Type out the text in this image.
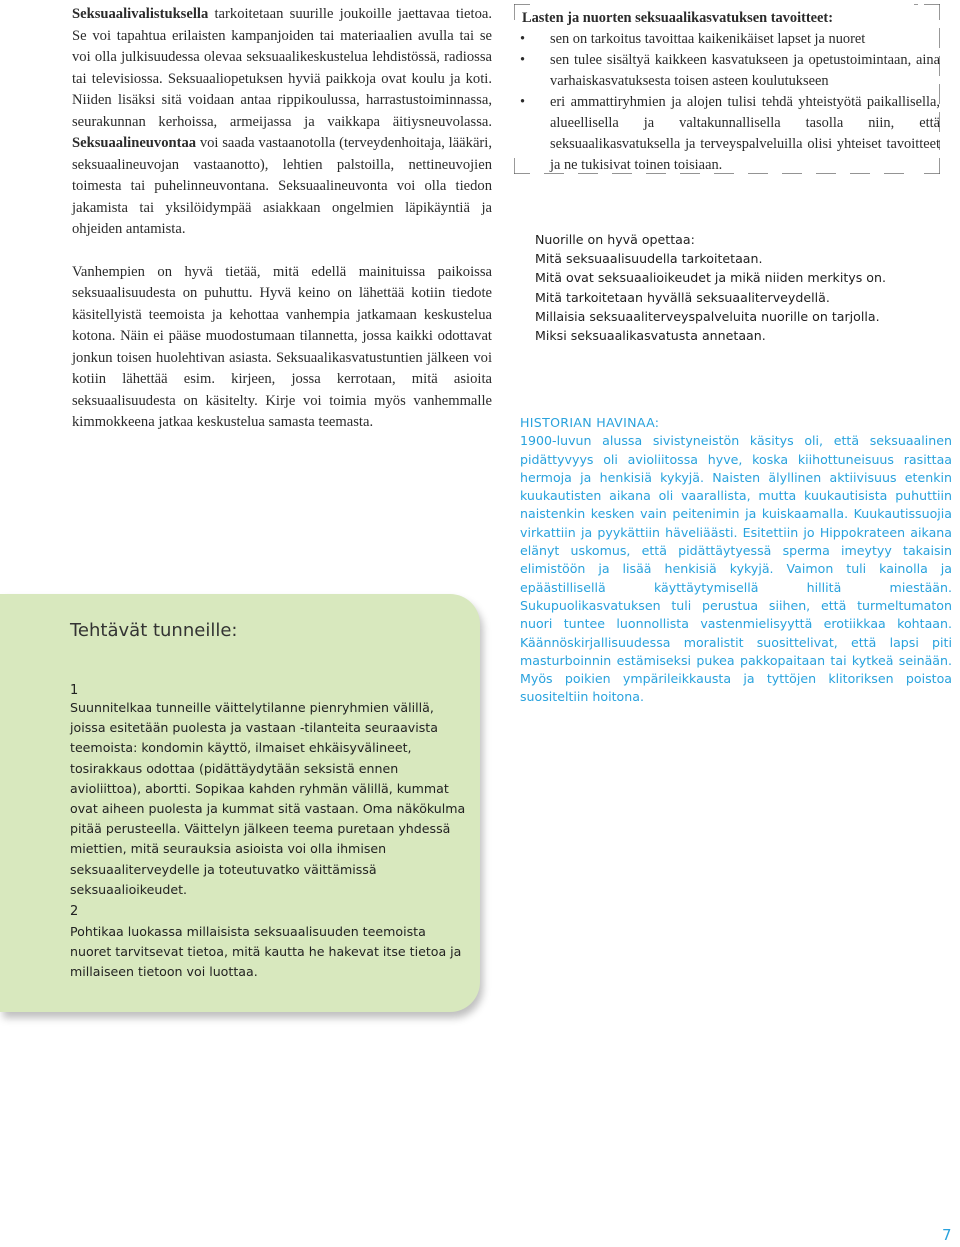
Seksuaalivalistuksella tarkoitetaan suurille joukoille jaettavaa tietoa. Se voi tapahtua erilaisten kampanjoiden tai materiaalien avulla tai se voi olla julkisuudessa olevaa seksuaalikeskustelua lehdistössä, radiossa tai televisiossa. Seksuaaliopetuksen hyviä paikkoja ovat koulu ja koti. Niiden lisäksi sitä voidaan antaa rippikoulussa, harrastustoiminnassa, seurakunnan kerhoissa, armeijassa ja vaikkapa äitiysneuvolassa. Seksuaalineuvontaa voi saada vastaanotolla (terveydenhoitaja, lääkäri, seksuaalineuvojan vastaanotto), lehtien palstoilla, nettineuvojien toimesta tai puhelinneuvontana. Seksuaalineuvonta voi olla tiedon jakamista tai yksilöidympää asiakkaan ongelmien läpikäyntiä ja ohjeiden antamista.

Vanhempien on hyvä tietää, mitä edellä mainituissa paikoissa seksuaalisuudesta on puhuttu. Hyvä keino on lähettää kotiin tiedote käsitellyistä teemoista ja kehottaa vanhempia jatkamaan keskustelua kotona. Näin ei pääse muodostumaan tilannetta, jossa kaikki odottavat jonkun toisen huolehtivan asiasta. Seksuaalikasvatustuntien jälkeen voi kotiin lähettää esim. kirjeen, jossa kerrotaan, mitä asioita seksuaalisuudesta on käsitelty. Kirje voi toimia myös vanhemmalle kimmokkeena jatkaa keskustelua samasta teemasta.

Lasten ja nuorten seksuaalikasvatuksen tavoitteet:

• sen on tarkoitus tavoittaa kaikenikäiset lapset ja nuoret
• sen tulee sisältyä kaikkeen kasvatukseen ja opetustoimintaan, aina varhaiskasvatuksesta toisen asteen koulutukseen
• eri ammattiryhmien ja alojen tulisi tehdä yhteistyötä paikallisella, alueellisella ja valtakunnallisella tasolla niin, että seksuaalikasvatuksella ja terveyspalveluilla olisi yhteiset tavoitteet ja ne tukisivat toinen toisiaan.
Nuorille on hyvä opettaa:
Mitä seksuaalisuudella tarkoitetaan.
Mitä ovat seksuaalioikeudet ja mikä niiden merkitys on.
Mitä tarkoitetaan hyvällä seksuaaliterveydellä.
Millaisia seksuaaliterveyspalveluita nuorille on tarjolla.
Miksi seksuaalikasvatusta annetaan.

HISTORIAN HAVINAA:

1900-luvun alussa sivistyneistön käsitys oli, että seksuaalinen pidättyvyys oli avioliitossa hyve, koska kiihottuneisuus rasittaa hermoja ja henkisiä kykyjä. Naisten älyllinen aktiivisuus etenkin kuukautisten aikana oli vaarallista, mutta kuukautisista puhuttiin naistenkin kesken vain peitenimin ja kuiskaamalla. Kuukautissuojia virkattiin ja pyykättiin häveliäästi. Esitettiin jo Hippokrateen aikana elänyt uskomus, että pidättäytyessä sperma imeytyy takaisin elimistöön ja lisää henkisiä kykyjä. Vaimon tuli kainolla ja epäästillisellä käyttäytymisellä hillitä miestään. Sukupuolikasvatuksen tuli perustua siihen, että turmeltumaton nuori tuntee luonnollista vastenmielisyyttä erotiikkaa kohtaan. Käännöskirjallisuudessa moralistit suosittelivat, että lapsi piti masturboinnin estämiseksi pukea pakkopaitaan tai kytkeä seinään. Myös poikien ympärileikkausta ja tyttöjen klitoriksen poistoa suositeltiin hoitona.

Tehtävät tunneille:
1
Suunnitelkaa tunneille väittelytilanne pienryhmien välillä, joissa esitetään puolesta ja vastaan -tilanteita seuraavista teemoista: kondomin käyttö, ilmaiset ehkäisyvälineet, tosirakkaus odottaa (pidättäydytään seksistä ennen avioliittoa), abortti. Sopikaa kahden ryhmän välillä, kummat ovat aiheen puolesta ja kummat sitä vastaan. Oma näkökulma pitää perusteella. Väittelyn jälkeen teema puretaan yhdessä miettien, mitä seurauksia asioista voi olla ihmisen seksuaaliterveydelle ja toteutuvatko väittämissä seksuaalioikeudet.
2
Pohtikaa luokassa millaisista seksuaalisuuden teemoista nuoret tarvitsevat tietoa, mitä kautta he hakevat itse tietoa ja millaiseen tietoon voi luottaa.
7
